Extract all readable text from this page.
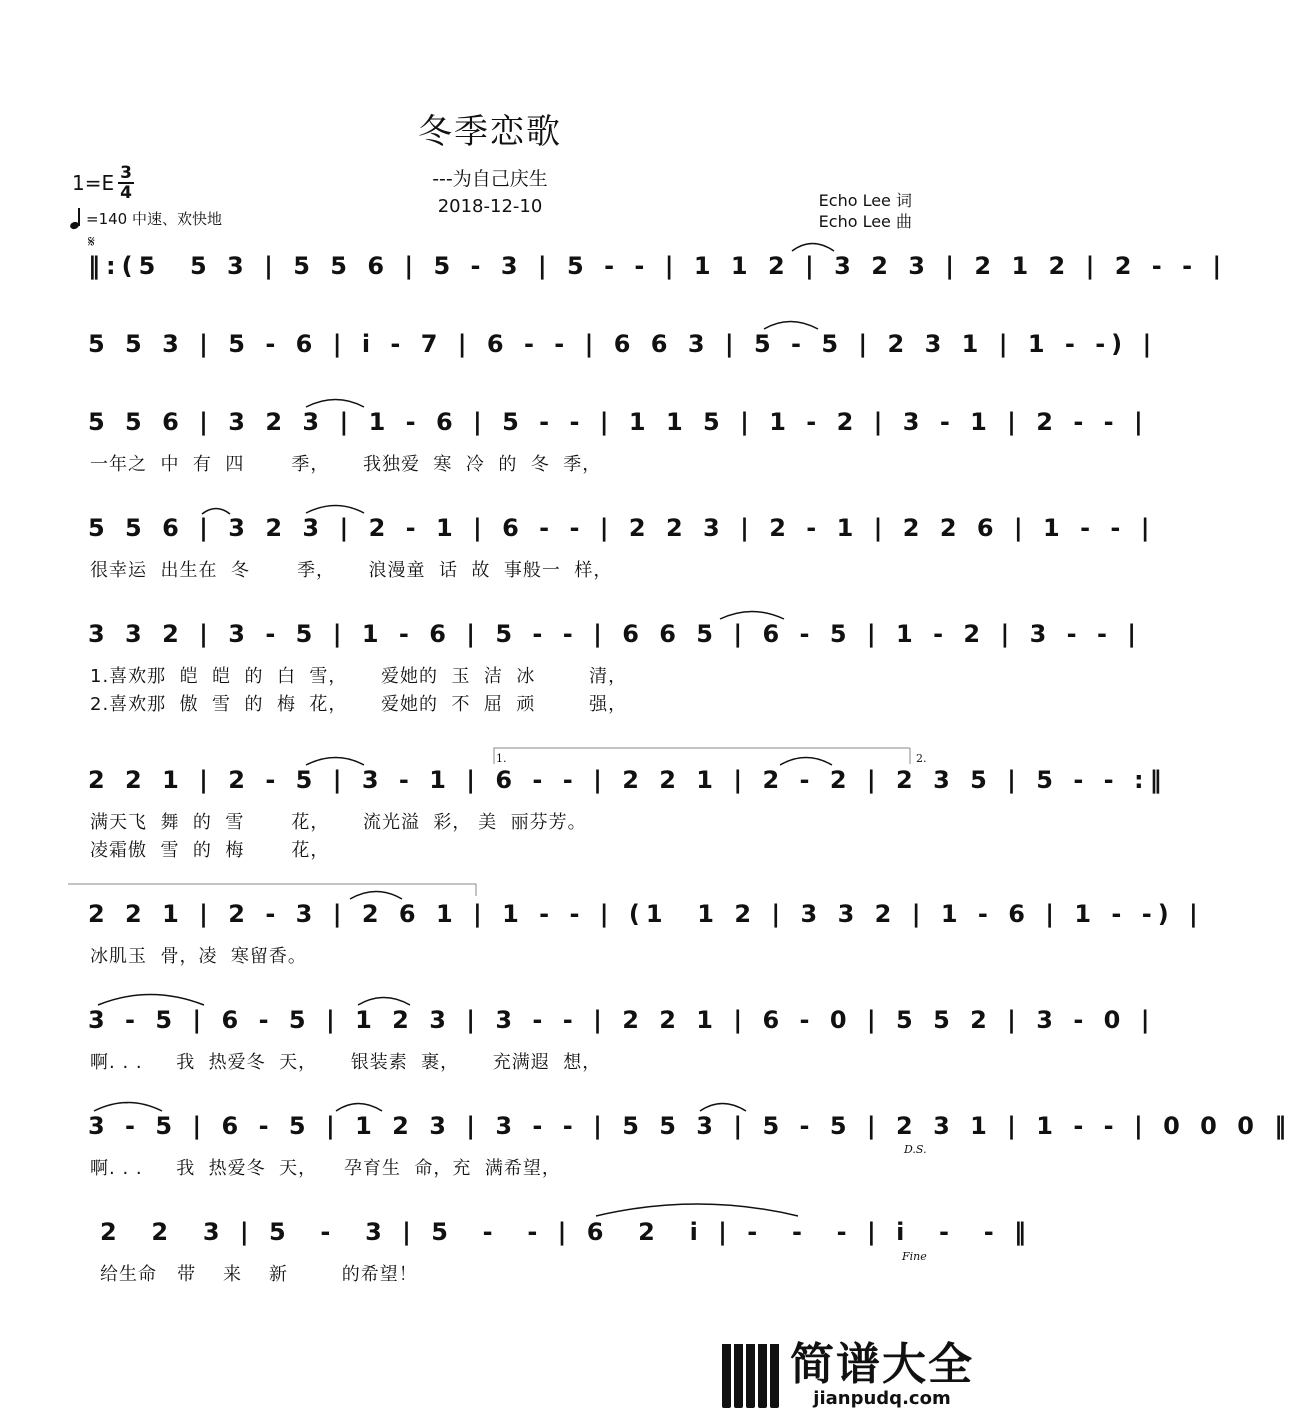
冬季恋歌
---为自己庆生
2018-12-10	Echo Lee 词
Echo Lee 曲
$1=E \frac{3}{4}$
=140 中速、欢快地
𝄋
‖:(5  5 3 | 5 5 6 | 5 - 3 | 5 - - | 1 1 2 | 3 2 3 | 2 1 2 | 2 - - |
5 5 3 | 5 - 6 | i - 7 | 6 - - | 6 6 3 | 5 - 5 | 2 3 1 | 1 - -) |
5 5 6 | 3 2 3 | 1 - 6 | 5 - - | 1 1 5 | 1 - 2 | 3 - 1 | 2 - - |
一年之  中  有  四       季，     我独爱  寒  冷  的  冬  季，
5 5 6 | 3 2 3 | 2 - 1 | 6 - - | 2 2 3 | 2 - 1 | 2 2 6 | 1 - - |
很幸运  出生在  冬       季，     浪漫童  话  故  事般一  样，
3 3 2 | 3 - 5 | 1 - 6 | 5 - - | 6 6 5 | 6 - 5 | 1 - 2 | 3 - - |
1.喜欢那  皑  皑  的  白  雪，     爱她的  玉  洁  冰        清，
2.喜欢那  傲  雪  的  梅  花，     爱她的  不  屈  顽        强，
1.	2.
2 2 1 | 2 - 5 | 3 - 1 | 6 - - | 2 2 1 | 2 - 2 | 2 3 5 | 5 - - :‖
满天飞  舞  的  雪       花，     流光溢  彩， 美  丽芬芳。
凌霜傲  雪  的  梅       花，
2 2 1 | 2 - 3 | 2 6 1 | 1 - - | (1  1 2 | 3 3 2 | 1 - 6 | 1 - -) |
冰肌玉  骨，凌  寒留香。
3 - 5 | 6 - 5 | 1 2 3 | 3 - - | 2 2 1 | 6 - 0 | 5 5 2 | 3 - 0 |
啊. . .     我  热爱冬  天，     银装素  裹，     充满遐  想，
3 - 5 | 6 - 5 | 1 2 3 | 3 - - | 5 5 3 | 5 - 5 | 2 3 1 | 1 - - | 0 0 0 ‖
啊. . .     我  热爱冬  天，    孕育生  命，充  满希望，
D.S.
2  2  3 | 5  -  3 | 5  -  - | 6  2  i | -  -  - | i  -  - ‖
给生命   带    来    新        的希望！
Fine
简谱大全
jianpudq.com
